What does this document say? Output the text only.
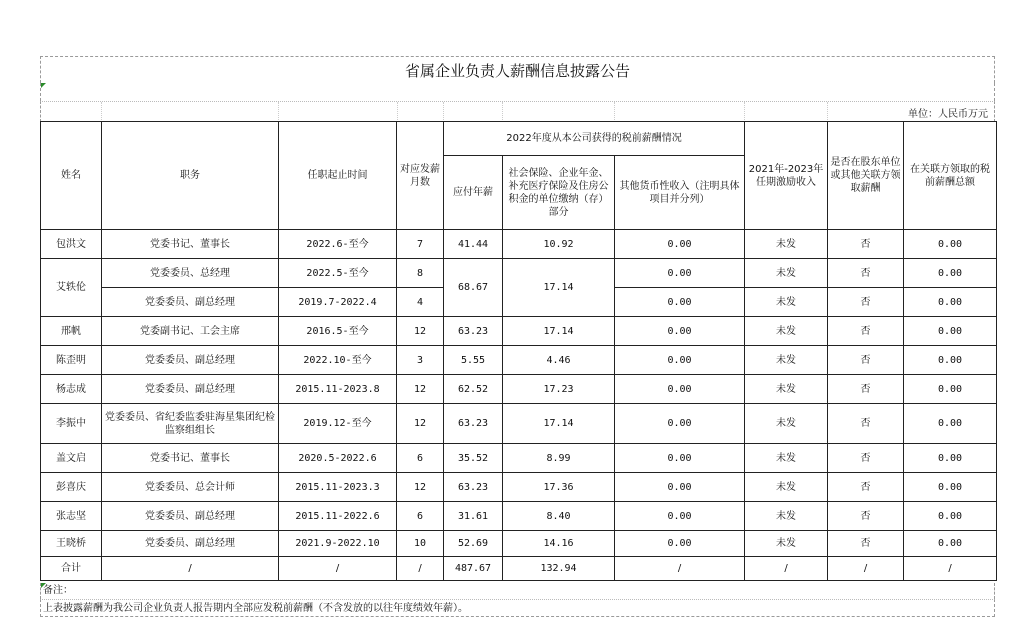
省属企业负责人薪酬信息披露公告
单位：人民币万元
姓名	职务	任职起止时间	对应发薪月数	2022年度从本公司获得的税前薪酬情况			2021年-2023年任期激励收入	是否在股东单位或其他关联方领取薪酬	在关联方领取的税前薪酬总额
				应付年薪	社会保险、企业年金、补充医疗保险及住房公积金的单位缴纳（存）部分	其他货币性收入（注明具体项目并分列）			
包洪文	党委书记、董事长	2022.6-至今	7	41.44	10.92	0.00	未发	否	0.00
艾轶伦	党委委员、总经理	2022.5-至今	8	68.67	17.14	0.00	未发	否	0.00
	党委委员、副总经理	2019.7-2022.4	4			0.00	未发	否	0.00
邢帆	党委副书记、工会主席	2016.5-至今	12	63.23	17.14	0.00	未发	否	0.00
陈歪明	党委委员、副总经理	2022.10-至今	3	5.55	4.46	0.00	未发	否	0.00
杨志成	党委委员、副总经理	2015.11-2023.8	12	62.52	17.23	0.00	未发	否	0.00
李振中	党委委员、省纪委监委驻海星集团纪检监察组组长	2019.12-至今	12	63.23	17.14	0.00	未发	否	0.00
盖文启	党委书记、董事长	2020.5-2022.6	6	35.52	8.99	0.00	未发	否	0.00
彭喜庆	党委委员、总会计师	2015.11-2023.3	12	63.23	17.36	0.00	未发	否	0.00
张志坚	党委委员、副总经理	2015.11-2022.6	6	31.61	8.40	0.00	未发	否	0.00
王晓桥	党委委员、副总经理	2021.9-2022.10	10	52.69	14.16	0.00	未发	否	0.00
合计	/	/	/	487.67	132.94	/	/	/	/
备注：
上表披露薪酬为我公司企业负责人报告期内全部应发税前薪酬（不含发放的以往年度绩效年薪）。
